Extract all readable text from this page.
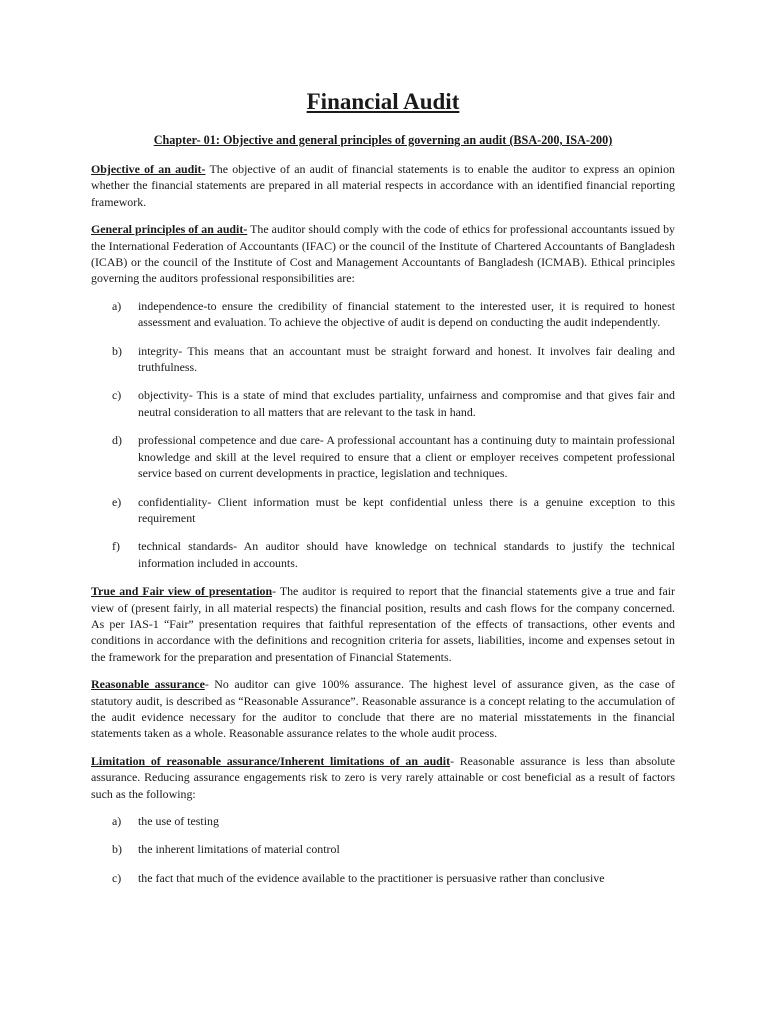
Financial Audit
Chapter- 01: Objective and general principles of governing an audit (BSA-200, ISA-200)

Objective of an audit- The objective of an audit of financial statements is to enable the auditor to express an opinion whether the financial statements are prepared in all material respects in accordance with an identified financial reporting framework.

General principles of an audit- The auditor should comply with the code of ethics for professional accountants issued by the International Federation of Accountants (IFAC) or the council of the Institute of Chartered Accountants of Bangladesh (ICAB) or the council of the Institute of Cost and Management Accountants of Bangladesh (ICMAB). Ethical principles governing the auditors professional responsibilities are:

a)	independence-to ensure the credibility of financial statement to the interested user, it is required to honest assessment and evaluation. To achieve the objective of audit is depend on conducting the audit independently.
b)	integrity- This means that an accountant must be straight forward and honest. It involves fair dealing and truthfulness.
c)	objectivity- This is a state of mind that excludes partiality, unfairness and compromise and that gives fair and neutral consideration to all matters that are relevant to the task in hand.
d)	professional competence and due care- A professional accountant has a continuing duty to maintain professional knowledge and skill at the level required to ensure that a client or employer receives competent professional service based on current developments in practice, legislation and techniques.
e)	confidentiality- Client information must be kept confidential unless there is a genuine exception to this requirement
f)	technical standards- An auditor should have knowledge on technical standards to justify the technical information included in accounts.

True and Fair view of presentation- The auditor is required to report that the financial statements give a true and fair view of (present fairly, in all material respects) the financial position, results and cash flows for the company concerned. As per IAS-1 “Fair” presentation requires that faithful representation of the effects of transactions, other events and conditions in accordance with the definitions and recognition criteria for assets, liabilities, income and expenses setout in the framework for the preparation and presentation of Financial Statements.

Reasonable assurance- No auditor can give 100% assurance. The highest level of assurance given, as the case of statutory audit, is described as “Reasonable Assurance”. Reasonable assurance is a concept relating to the accumulation of the audit evidence necessary for the auditor to conclude that there are no material misstatements in the financial statements taken as a whole. Reasonable assurance relates to the whole audit process.

Limitation of reasonable assurance/Inherent limitations of an audit- Reasonable assurance is less than absolute assurance. Reducing assurance engagements risk to zero is very rarely attainable or cost beneficial as a result of factors such as the following:

a)	the use of testing
b)	the inherent limitations of material control
c)	the fact that much of the evidence available to the practitioner is persuasive rather than conclusive
